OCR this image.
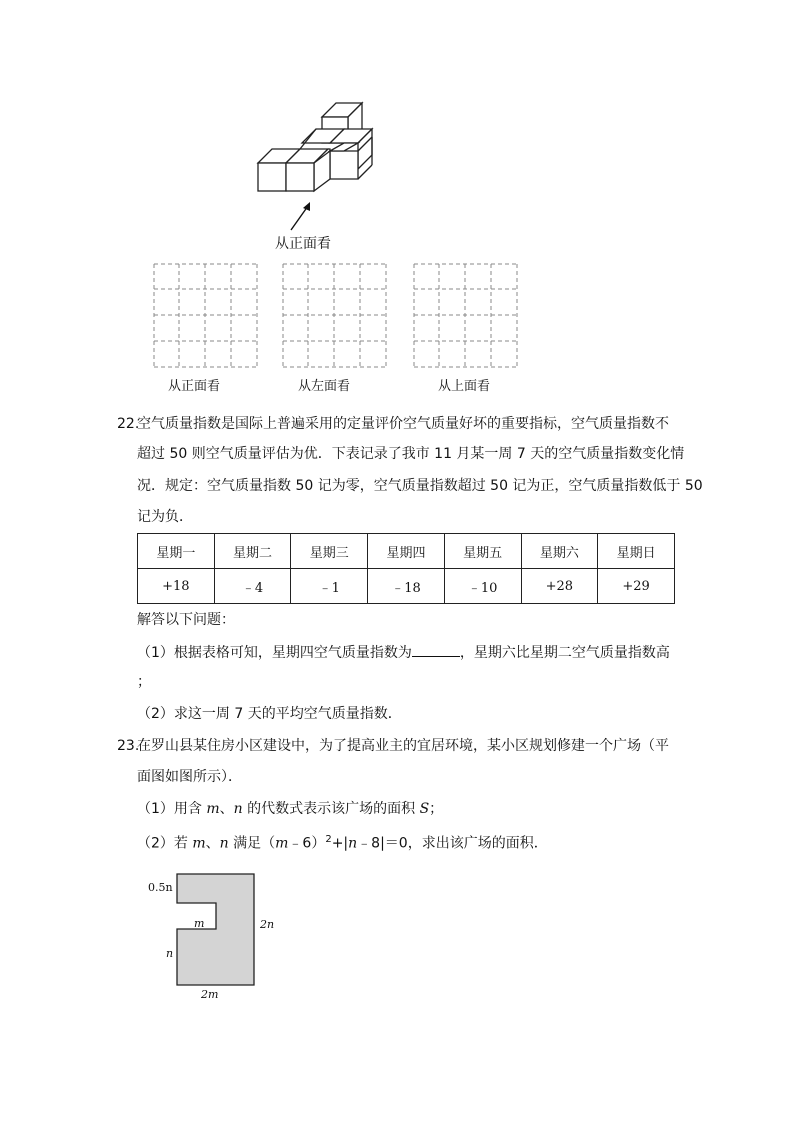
从正面看
从正面看	从左面看	从上面看
22.
空气质量指数是国际上普遍采用的定量评价空气质量好坏的重要指标，空气质量指数不
超过 50 则空气质量评估为优．下表记录了我市 11 月某一周 7 天的空气质量指数变化情
况．规定：空气质量指数 50 记为零，空气质量指数超过 50 记为正，空气质量指数低于 50
记为负．
星期一	星期二	星期三	星期四	星期五	星期六	星期日
+18	﹣4	﹣1	﹣18	﹣10	+28	+29
解答以下问题：
（1）根据表格可知，星期四空气质量指数为	，星期六比星期二空气质量指数高
；
（2）求这一周 7 天的平均空气质量指数．
23.
在罗山县某住房小区建设中，为了提高业主的宜居环境，某小区规划修建一个广场（平
面图如图所示）．
（1）用含 m、n 的代数式表示该广场的面积 S；
（2）若 m、n 满足（m﹣6）$^2$+|n﹣8|＝0，求出该广场的面积．
0.5n
m	2n
n
2m
